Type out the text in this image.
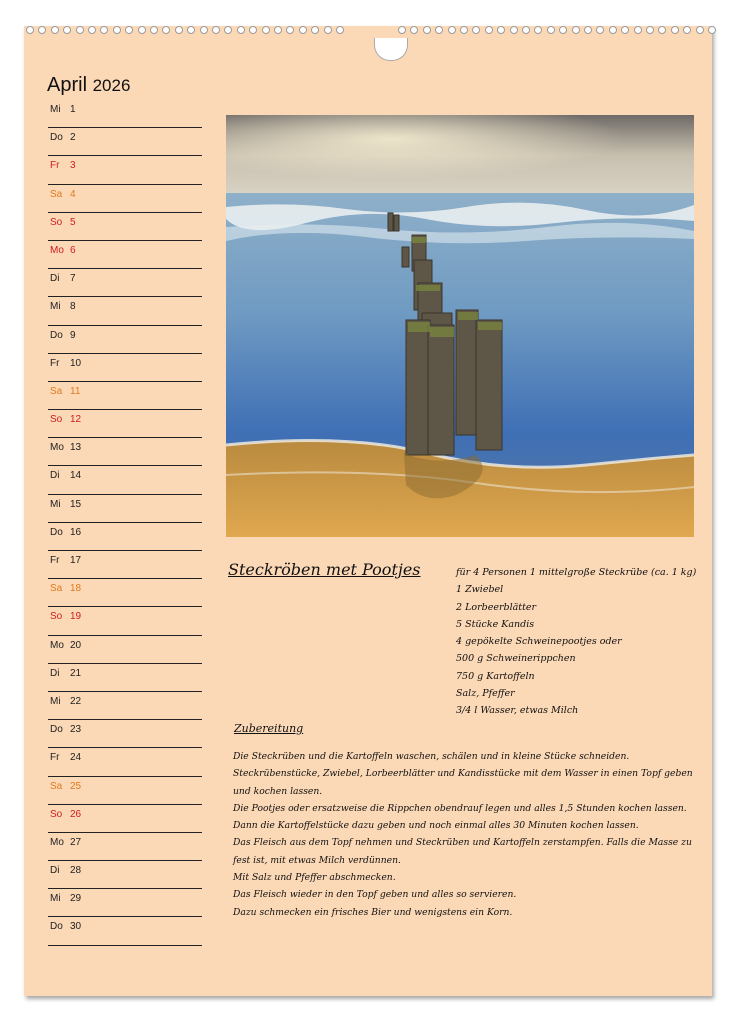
April 2026
Mi 1
Do 2
Fr 3
Sa 4
So 5
Mo 6
Di 7
Mi 8
Do 9
Fr 10
Sa 11
So 12
Mo 13
Di 14
Mi 15
Do 16
Fr 17
Sa 18
So 19
Mo 20
Di 21
Mi 22
Do 23
Fr 24
Sa 25
So 26
Mo 27
Di 28
Mi 29
Do 30
Steckröben met Pootjes	für 4 Personen 1 mittelgroße Steckrübe (ca. 1 kg)
1 Zwiebel
2 Lorbeerblätter
5 Stücke Kandis
4 gepökelte Schweinepootjes oder
500 g Schweinerippchen
750 g Kartoffeln
Salz, Pfeffer
3/4 l Wasser, etwas Milch
Zubereitung
Die Steckrüben und die Kartoffeln waschen, schälen und in kleine Stücke schneiden.
Steckrübenstücke, Zwiebel, Lorbeerblätter und Kandisstücke mit dem Wasser in einen Topf geben und kochen lassen.
Die Pootjes oder ersatzweise die Rippchen obendrauf legen und alles 1,5 Stunden kochen lassen. Dann die Kartoffelstücke dazu geben und noch einmal alles 30 Minuten kochen lassen.
Das Fleisch aus dem Topf nehmen und Steckrüben und Kartoffeln zerstampfen. Falls die Masse zu fest ist, mit etwas Milch verdünnen.
Mit Salz und Pfeffer abschmecken.
Das Fleisch wieder in den Topf geben und alles so servieren.
Dazu schmecken ein frisches Bier und wenigstens ein Korn.
